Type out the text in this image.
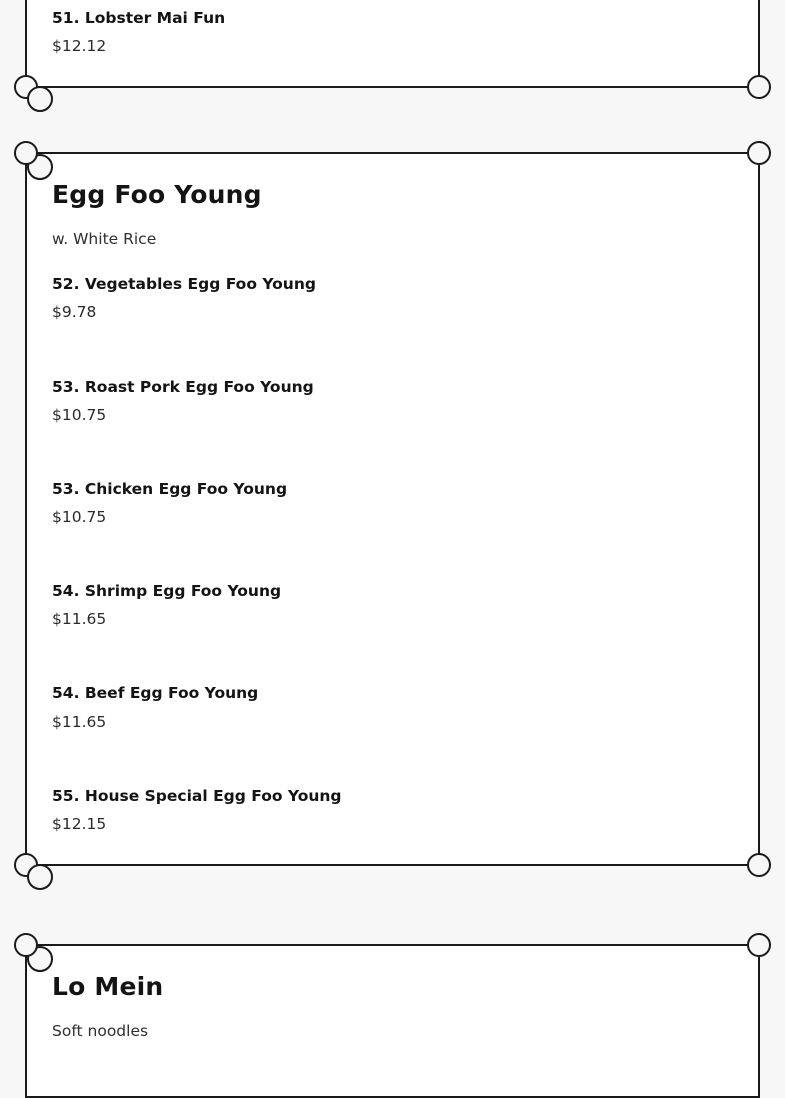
51. Lobster Mai Fun
$12.12
Egg Foo Young

w. White Rice

52. Vegetables Egg Foo Young
$9.78
53. Roast Pork Egg Foo Young
$10.75
53. Chicken Egg Foo Young
$10.75
54. Shrimp Egg Foo Young
$11.65
54. Beef Egg Foo Young
$11.65
55. House Special Egg Foo Young
$12.15
Lo Mein

Soft noodles
